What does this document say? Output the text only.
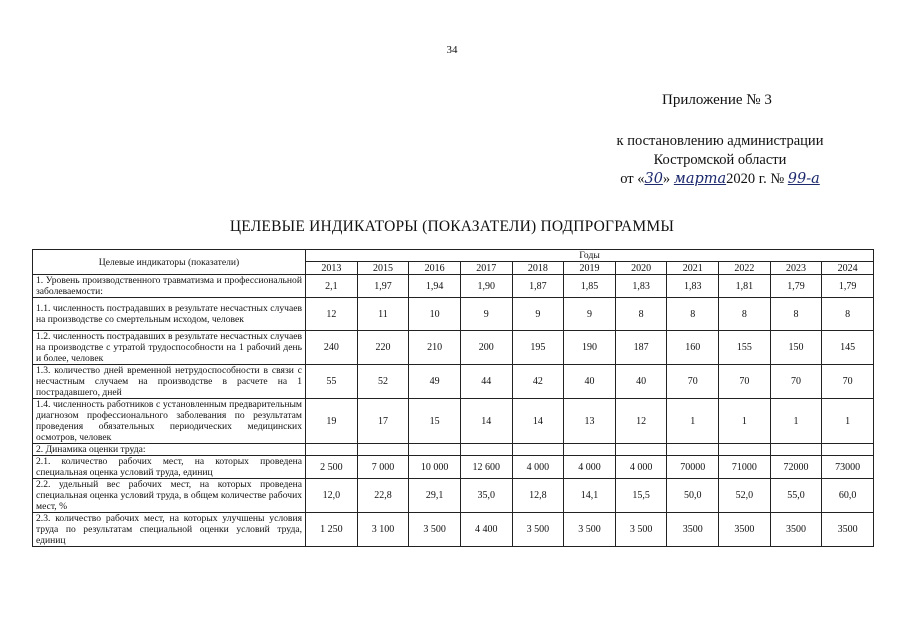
34
Приложение № 3
к постановлению администрации
Костромской области
от «30» марта2020 г. № 99-а
ЦЕЛЕВЫЕ ИНДИКАТОРЫ (ПОКАЗАТЕЛИ) ПОДПРОГРАММЫ
Целевые индикаторы (показатели)	Годы										
	2013	2015	2016	2017	2018	2019	2020	2021	2022	2023	2024
1. Уровень производственного травматизма и профессиональной заболеваемости:	2,1	1,97	1,94	1,90	1,87	1,85	1,83	1,83	1,81	1,79	1,79
1.1. численность пострадавших в результате несчастных случаев на производстве со смертельным исходом, человек	12	11	10	9	9	9	8	8	8	8	8
1.2. численность пострадавших в результате несчастных случаев на производстве с утратой трудоспособности на 1 рабочий день и более, человек	240	220	210	200	195	190	187	160	155	150	145
1.3. количество дней временной нетрудоспособности в связи с несчастным случаем на производстве в расчете на 1 пострадавшего, дней	55	52	49	44	42	40	40	70	70	70	70
1.4. численность работников с установленным предварительным диагнозом профессионального заболевания по результатам проведения обязательных периодических медицинских осмотров, человек	19	17	15	14	14	13	12	1	1	1	1
2. Динамика оценки труда:											
2.1. количество рабочих мест, на которых проведена специальная оценка условий труда, единиц	2 500	7 000	10 000	12 600	4 000	4 000	4 000	70000	71000	72000	73000
2.2. удельный вес рабочих мест, на которых проведена специальная оценка условий труда, в общем количестве рабочих мест, %	12,0	22,8	29,1	35,0	12,8	14,1	15,5	50,0	52,0	55,0	60,0
2.3. количество рабочих мест, на которых улучшены условия труда по результатам специальной оценки условий труда, единиц	1 250	3 100	3 500	4 400	3 500	3 500	3 500	3500	3500	3500	3500
